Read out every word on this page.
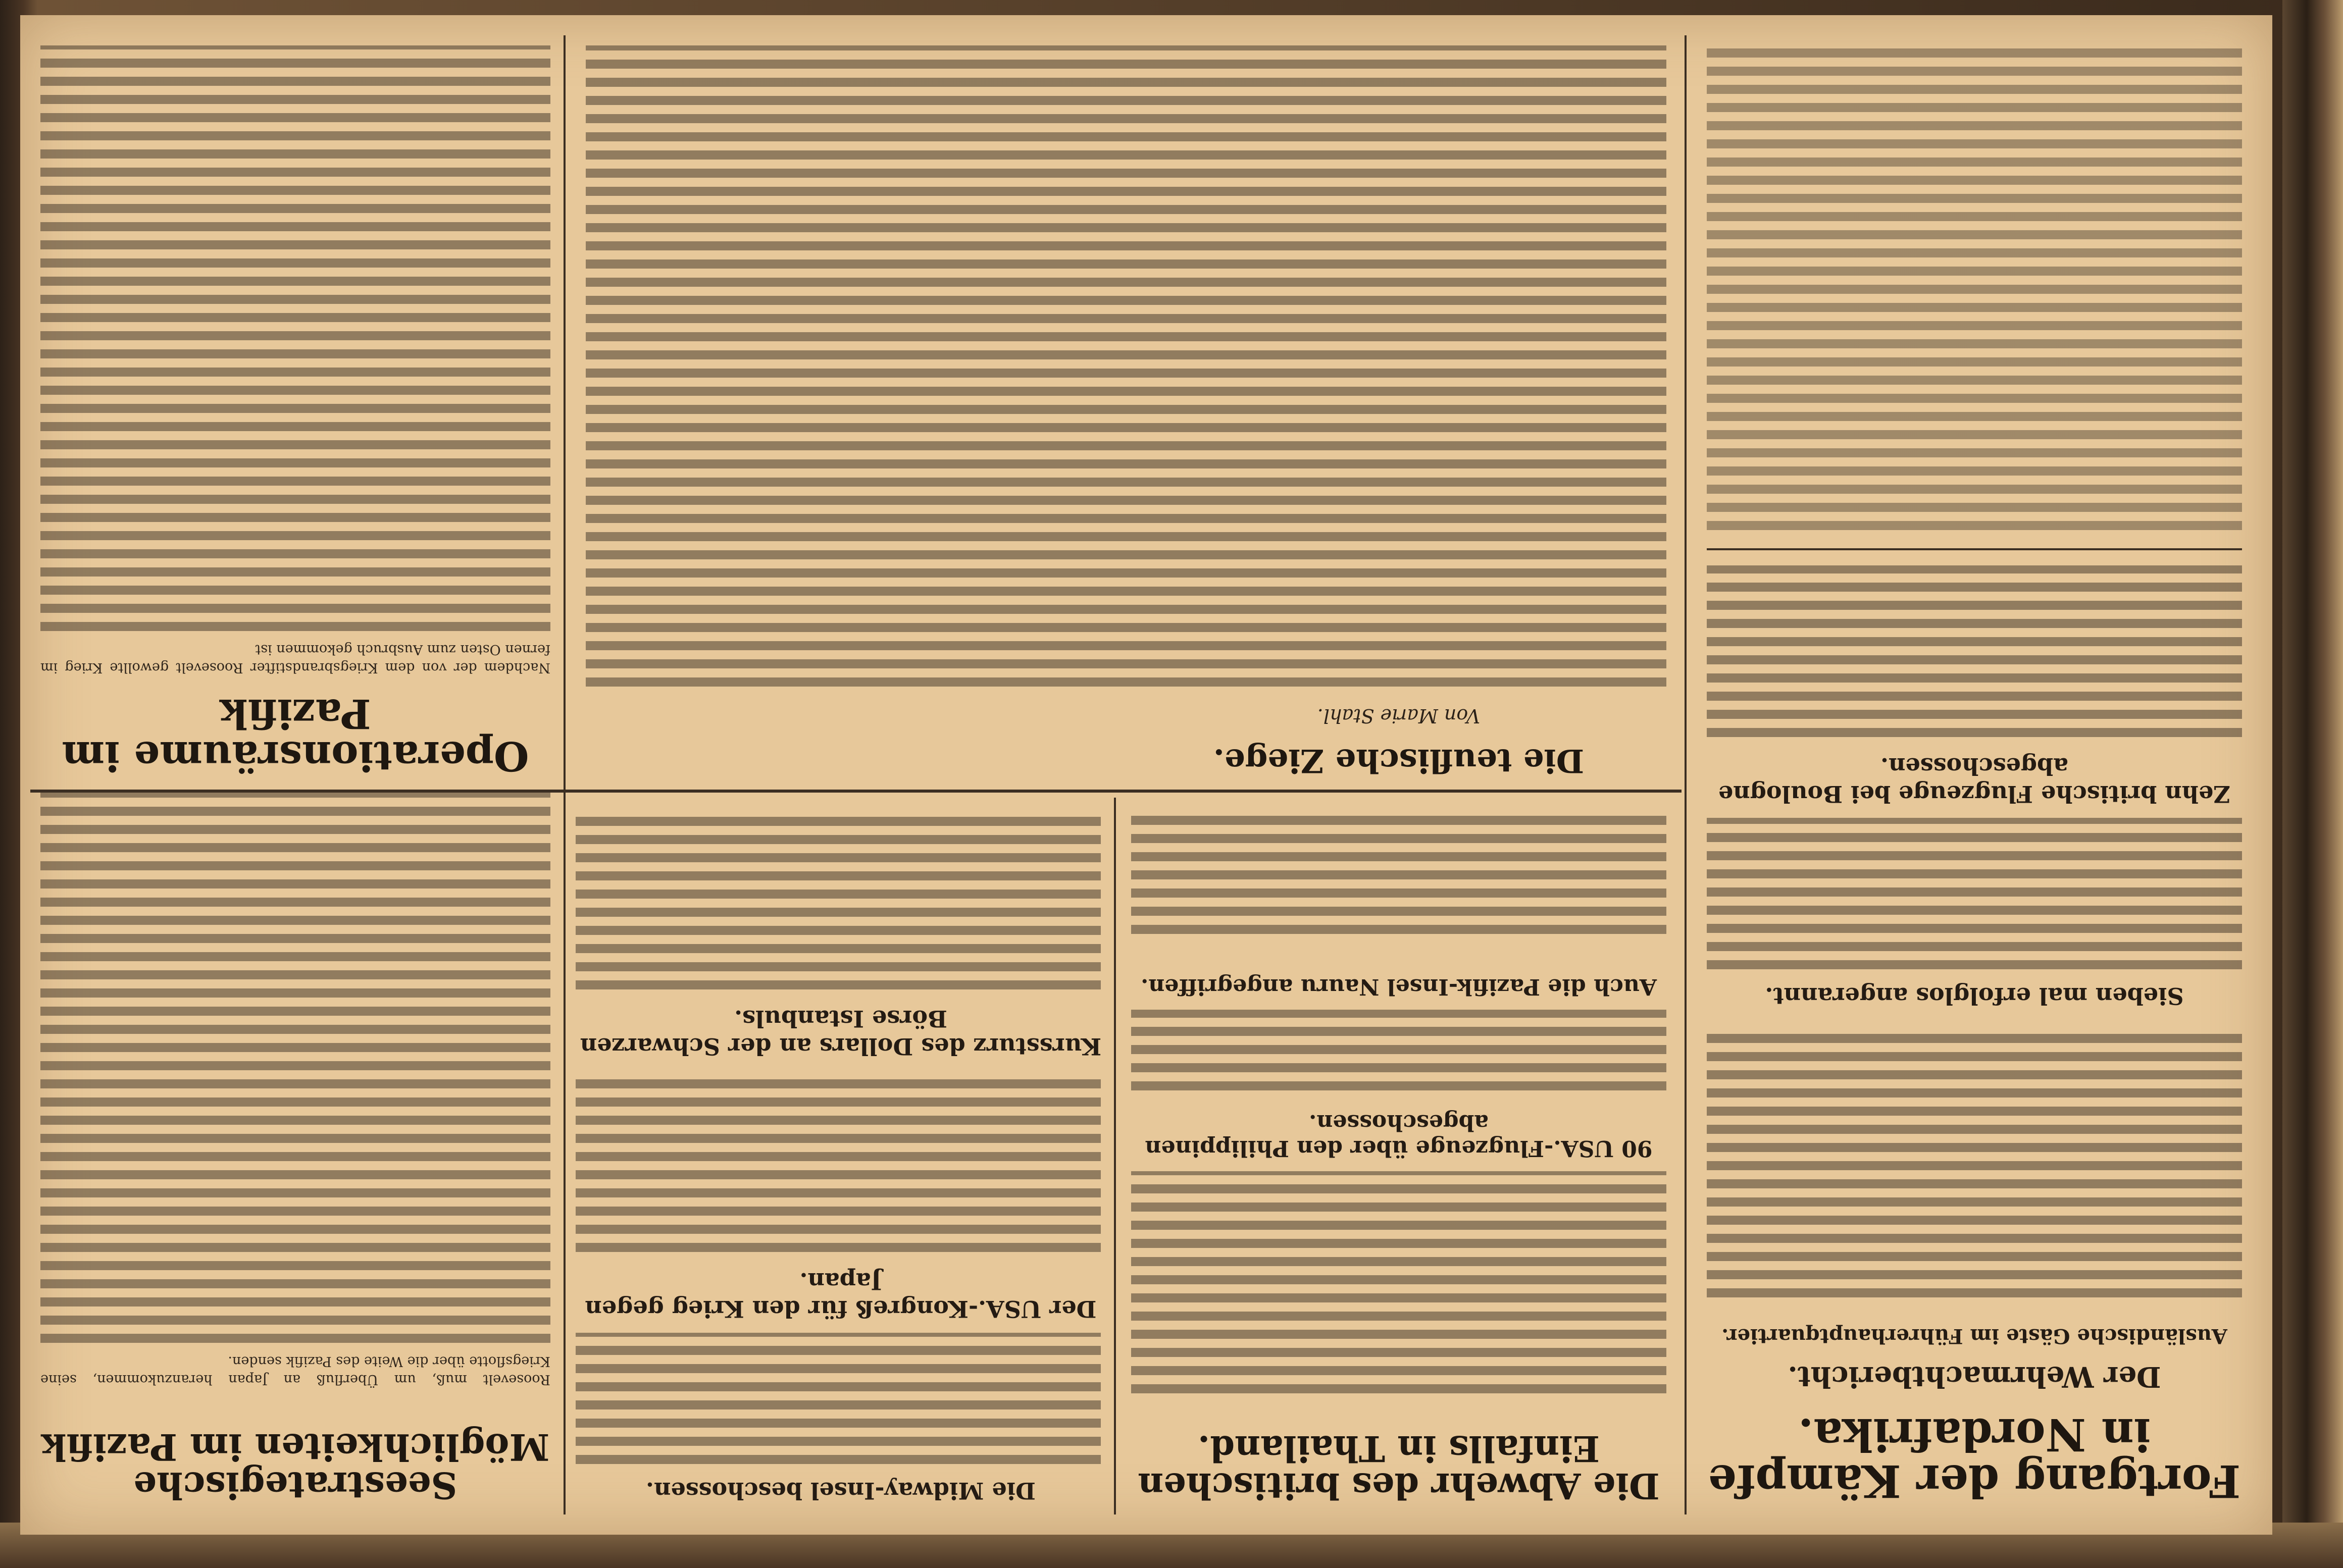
Fortgang der Kämpfe in Nordafrika.
Der Wehrmachtbericht.
Ausländische Gäste im Führerhauptquartier.
Sieben mal erfolglos angerannt.
Zehn britische Flugzeuge bei Boulogne abgeschossen.
Die teuflische Ziege.
Von Marie Stahl.
Die Abwehr des britischen Einfalls in Thailand.
90 USA.-Flugzeuge über den Philippinen abgeschossen.
Auch die Pazifik-Insel Nauru angegriffen.
Die Midway-Insel beschossen.
Der USA.-Kongreß für den Krieg gegen Japan.
Kurssturz des Dollars an der Schwarzen Börse Istanbuls.
Seestrategische Möglichkeiten im Pazifik
Roosevelt muß, um Überfluß an Japan heranzukommen, seine Kriegsflotte über die Weite des Pazifik senden.
Operationsräume im Pazifik
Nachdem der von dem Kriegsbrandstifter Roosevelt gewollte Krieg im fernen Osten zum Ausbruch gekommen ist
